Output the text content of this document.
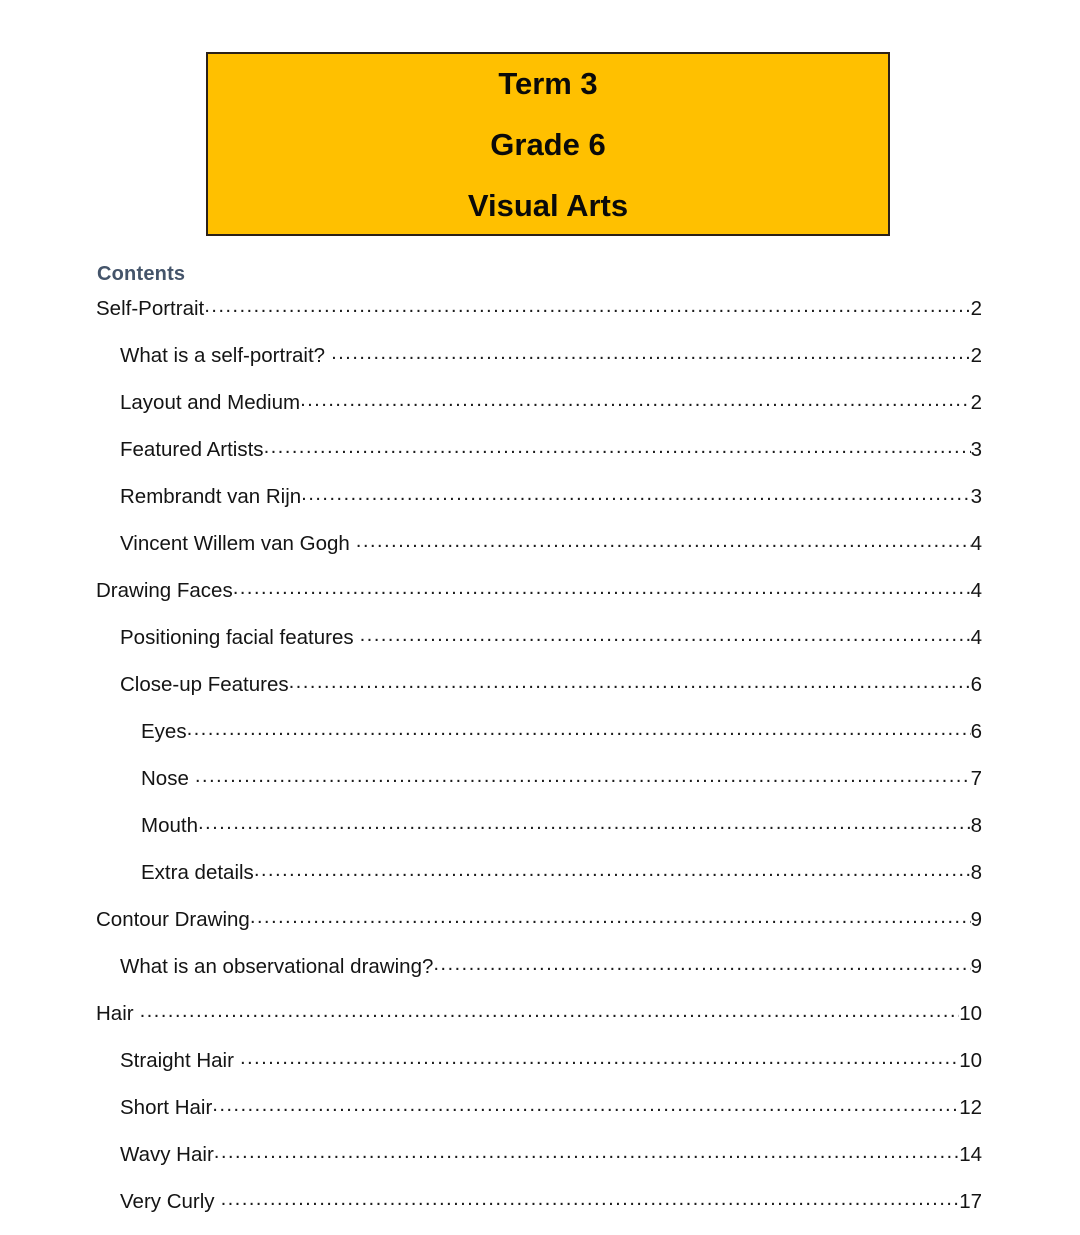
Term 3
Grade 6
Visual Arts
Contents
Self-Portrait .....	2
What is a self-portrait? .....	2
Layout and Medium .....	2
Featured Artists .....	3
Rembrandt van Rijn .....	3
Vincent Willem van Gogh .....	4
Drawing Faces .....	4
Positioning facial features .....	4
Close-up Features .....	6
Eyes .....	6
Nose .....	7
Mouth .....	8
Extra details .....	8
Contour Drawing .....	9
What is an observational drawing? .....	9
Hair .....	10
Straight Hair .....	10
Short Hair .....	12
Wavy Hair .....	14
Very Curly .....	17
